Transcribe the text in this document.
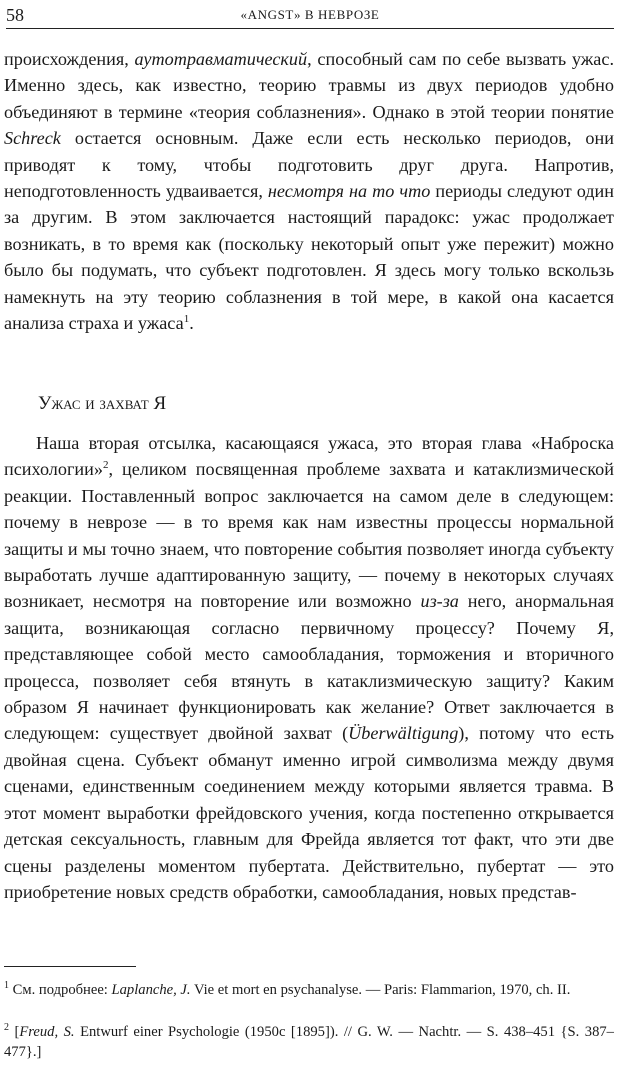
58	«ANGST» В НЕВРОЗЕ

происхождения, аутотравматический, способный сам по себе вызвать ужас. Именно здесь, как известно, теорию травмы из двух периодов удобно объединяют в термине «теория соблазнения». Однако в этой теории понятие Schreck остается основным. Даже если есть несколько периодов, они приводят к тому, чтобы подготовить друг друга. Напротив, неподготовленность удваивается, несмотря на то что периоды следуют один за другим. В этом заключается настоящий парадокс: ужас продолжает возникать, в то время как (поскольку некоторый опыт уже пережит) можно было бы подумать, что субъект подготовлен. Я здесь могу только вскользь намекнуть на эту теорию соблазнения в той мере, в какой она касается анализа страха и ужаса$^1$.

Ужас и захват Я

Наша вторая отсылка, касающаяся ужаса, это вторая глава «Наброска психологии»$^2$, целиком посвященная проблеме захвата и катаклизмической реакции. Поставленный вопрос заключается на самом деле в следующем: почему в неврозе — в то время как нам известны процессы нормальной защиты и мы точно знаем, что повторение события позволяет иногда субъекту выработать лучше адаптированную защиту, — почему в некоторых случаях возникает, несмотря на повторение или возможно из-за него, анормальная защита, возникающая согласно первичному процессу? Почему Я, представляющее собой место самообладания, торможения и вторичного процесса, позволяет себя втянуть в катаклизмическую защиту? Каким образом Я начинает функционировать как желание? Ответ заключается в следующем: существует двойной захват (Überwältigung), потому что есть двойная сцена. Субъект обманут именно игрой символизма между двумя сценами, единственным соединением между которыми является травма. В этот момент выработки фрейдовского учения, когда постепенно открывается детская сексуальность, главным для Фрейда является тот факт, что эти две сцены разделены моментом пубертата. Действительно, пубертат — это приобретение новых средств обработки, самообладания, новых представ-

$^1$ См. подробнее: Laplanche, J. Vie et mort en psychanalyse. — Paris: Flammarion, 1970, ch. II.

$^2$ [Freud, S. Entwurf einer Psychologie (1950c [1895]). // G. W. — Nachtr. — S. 438–451 {S. 387–477}.]
